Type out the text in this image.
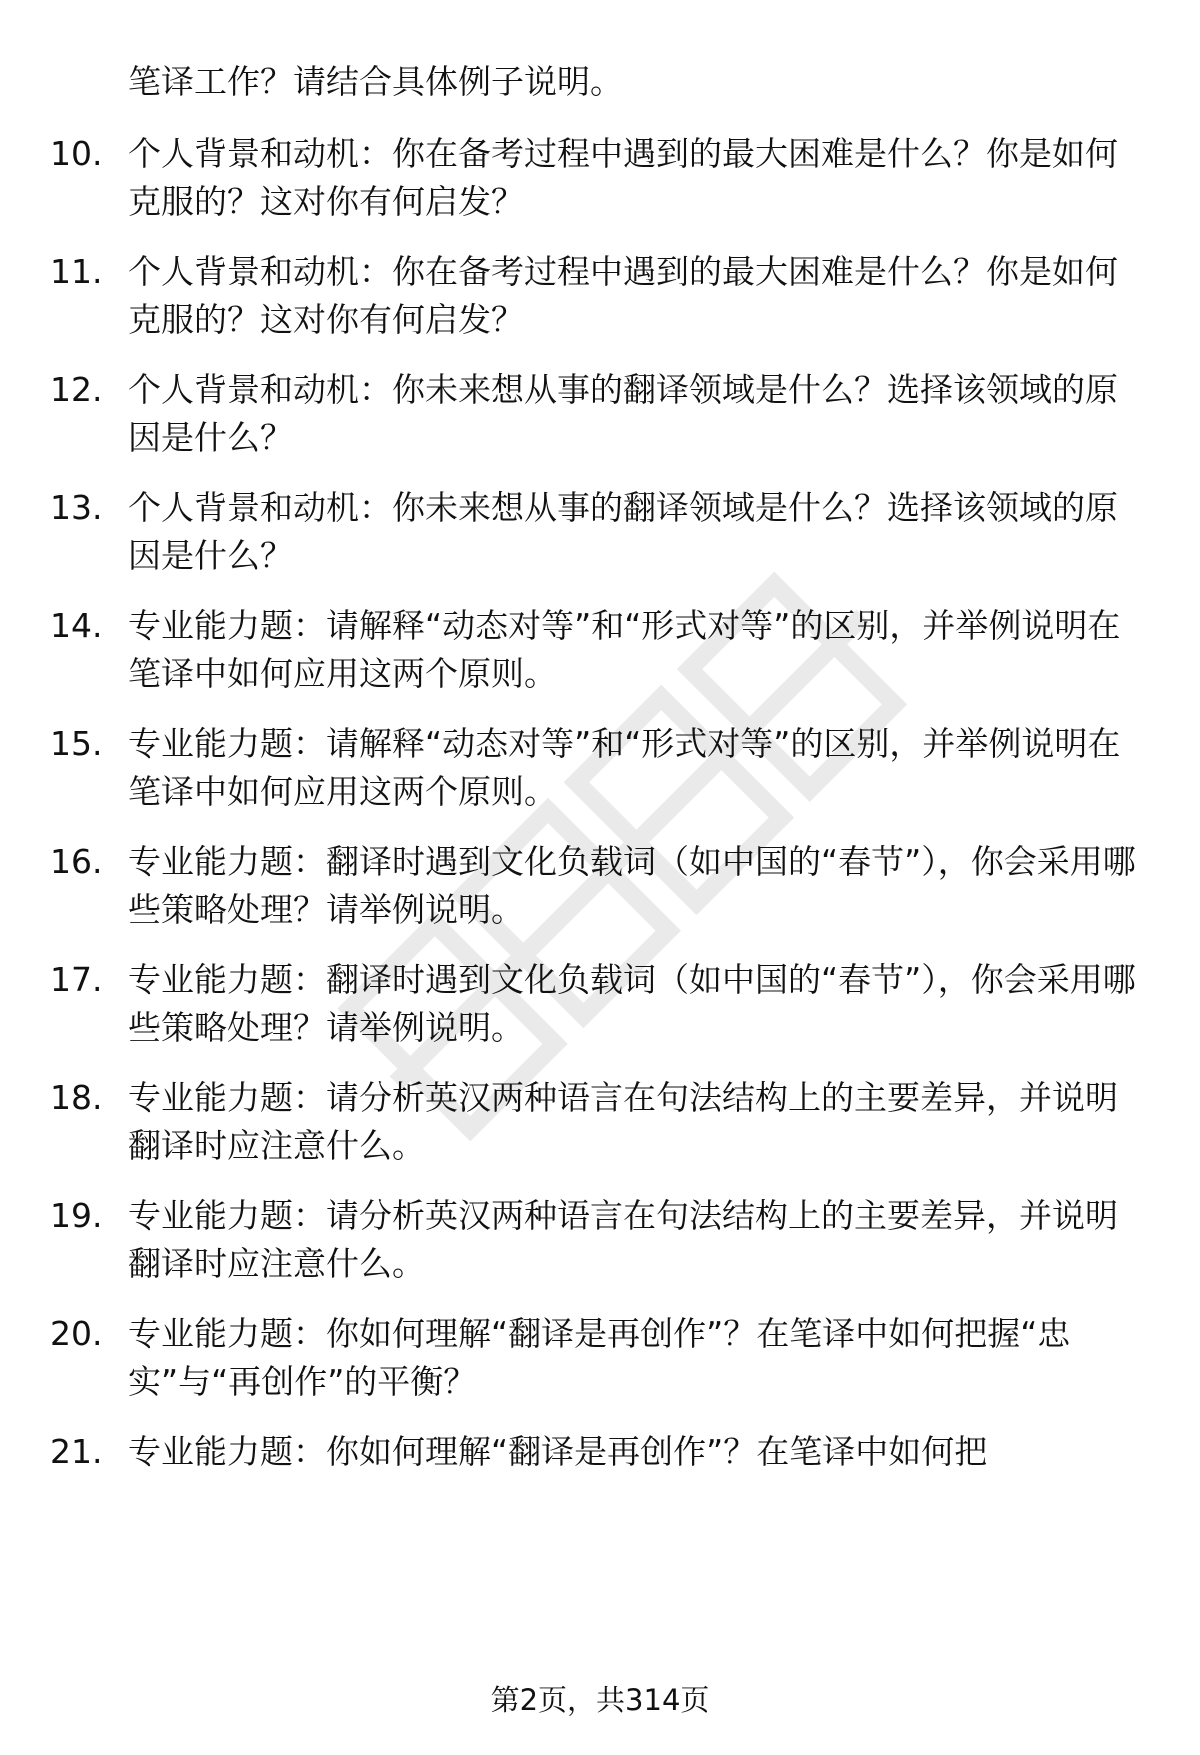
笔译工作？请结合具体例子说明。

10. 个人背景和动机：你在备考过程中遇到的最大困难是什么？你是如何克服的？这对你有何启发？
11. 个人背景和动机：你在备考过程中遇到的最大困难是什么？你是如何克服的？这对你有何启发？
12. 个人背景和动机：你未来想从事的翻译领域是什么？选择该领域的原因是什么？
13. 个人背景和动机：你未来想从事的翻译领域是什么？选择该领域的原因是什么？
14. 专业能力题：请解释“动态对等”和“形式对等”的区别，并举例说明在笔译中如何应用这两个原则。
15. 专业能力题：请解释“动态对等”和“形式对等”的区别，并举例说明在笔译中如何应用这两个原则。
16. 专业能力题：翻译时遇到文化负载词（如中国的“春节”），你会采用哪些策略处理？请举例说明。
17. 专业能力题：翻译时遇到文化负载词（如中国的“春节”），你会采用哪些策略处理？请举例说明。
18. 专业能力题：请分析英汉两种语言在句法结构上的主要差异，并说明翻译时应注意什么。
19. 专业能力题：请分析英汉两种语言在句法结构上的主要差异，并说明翻译时应注意什么。
20. 专业能力题：你如何理解“翻译是再创作”？在笔译中如何把握“忠实”与“再创作”的平衡？
21. 专业能力题：你如何理解“翻译是再创作”？在笔译中如何把
第2页，共314页
